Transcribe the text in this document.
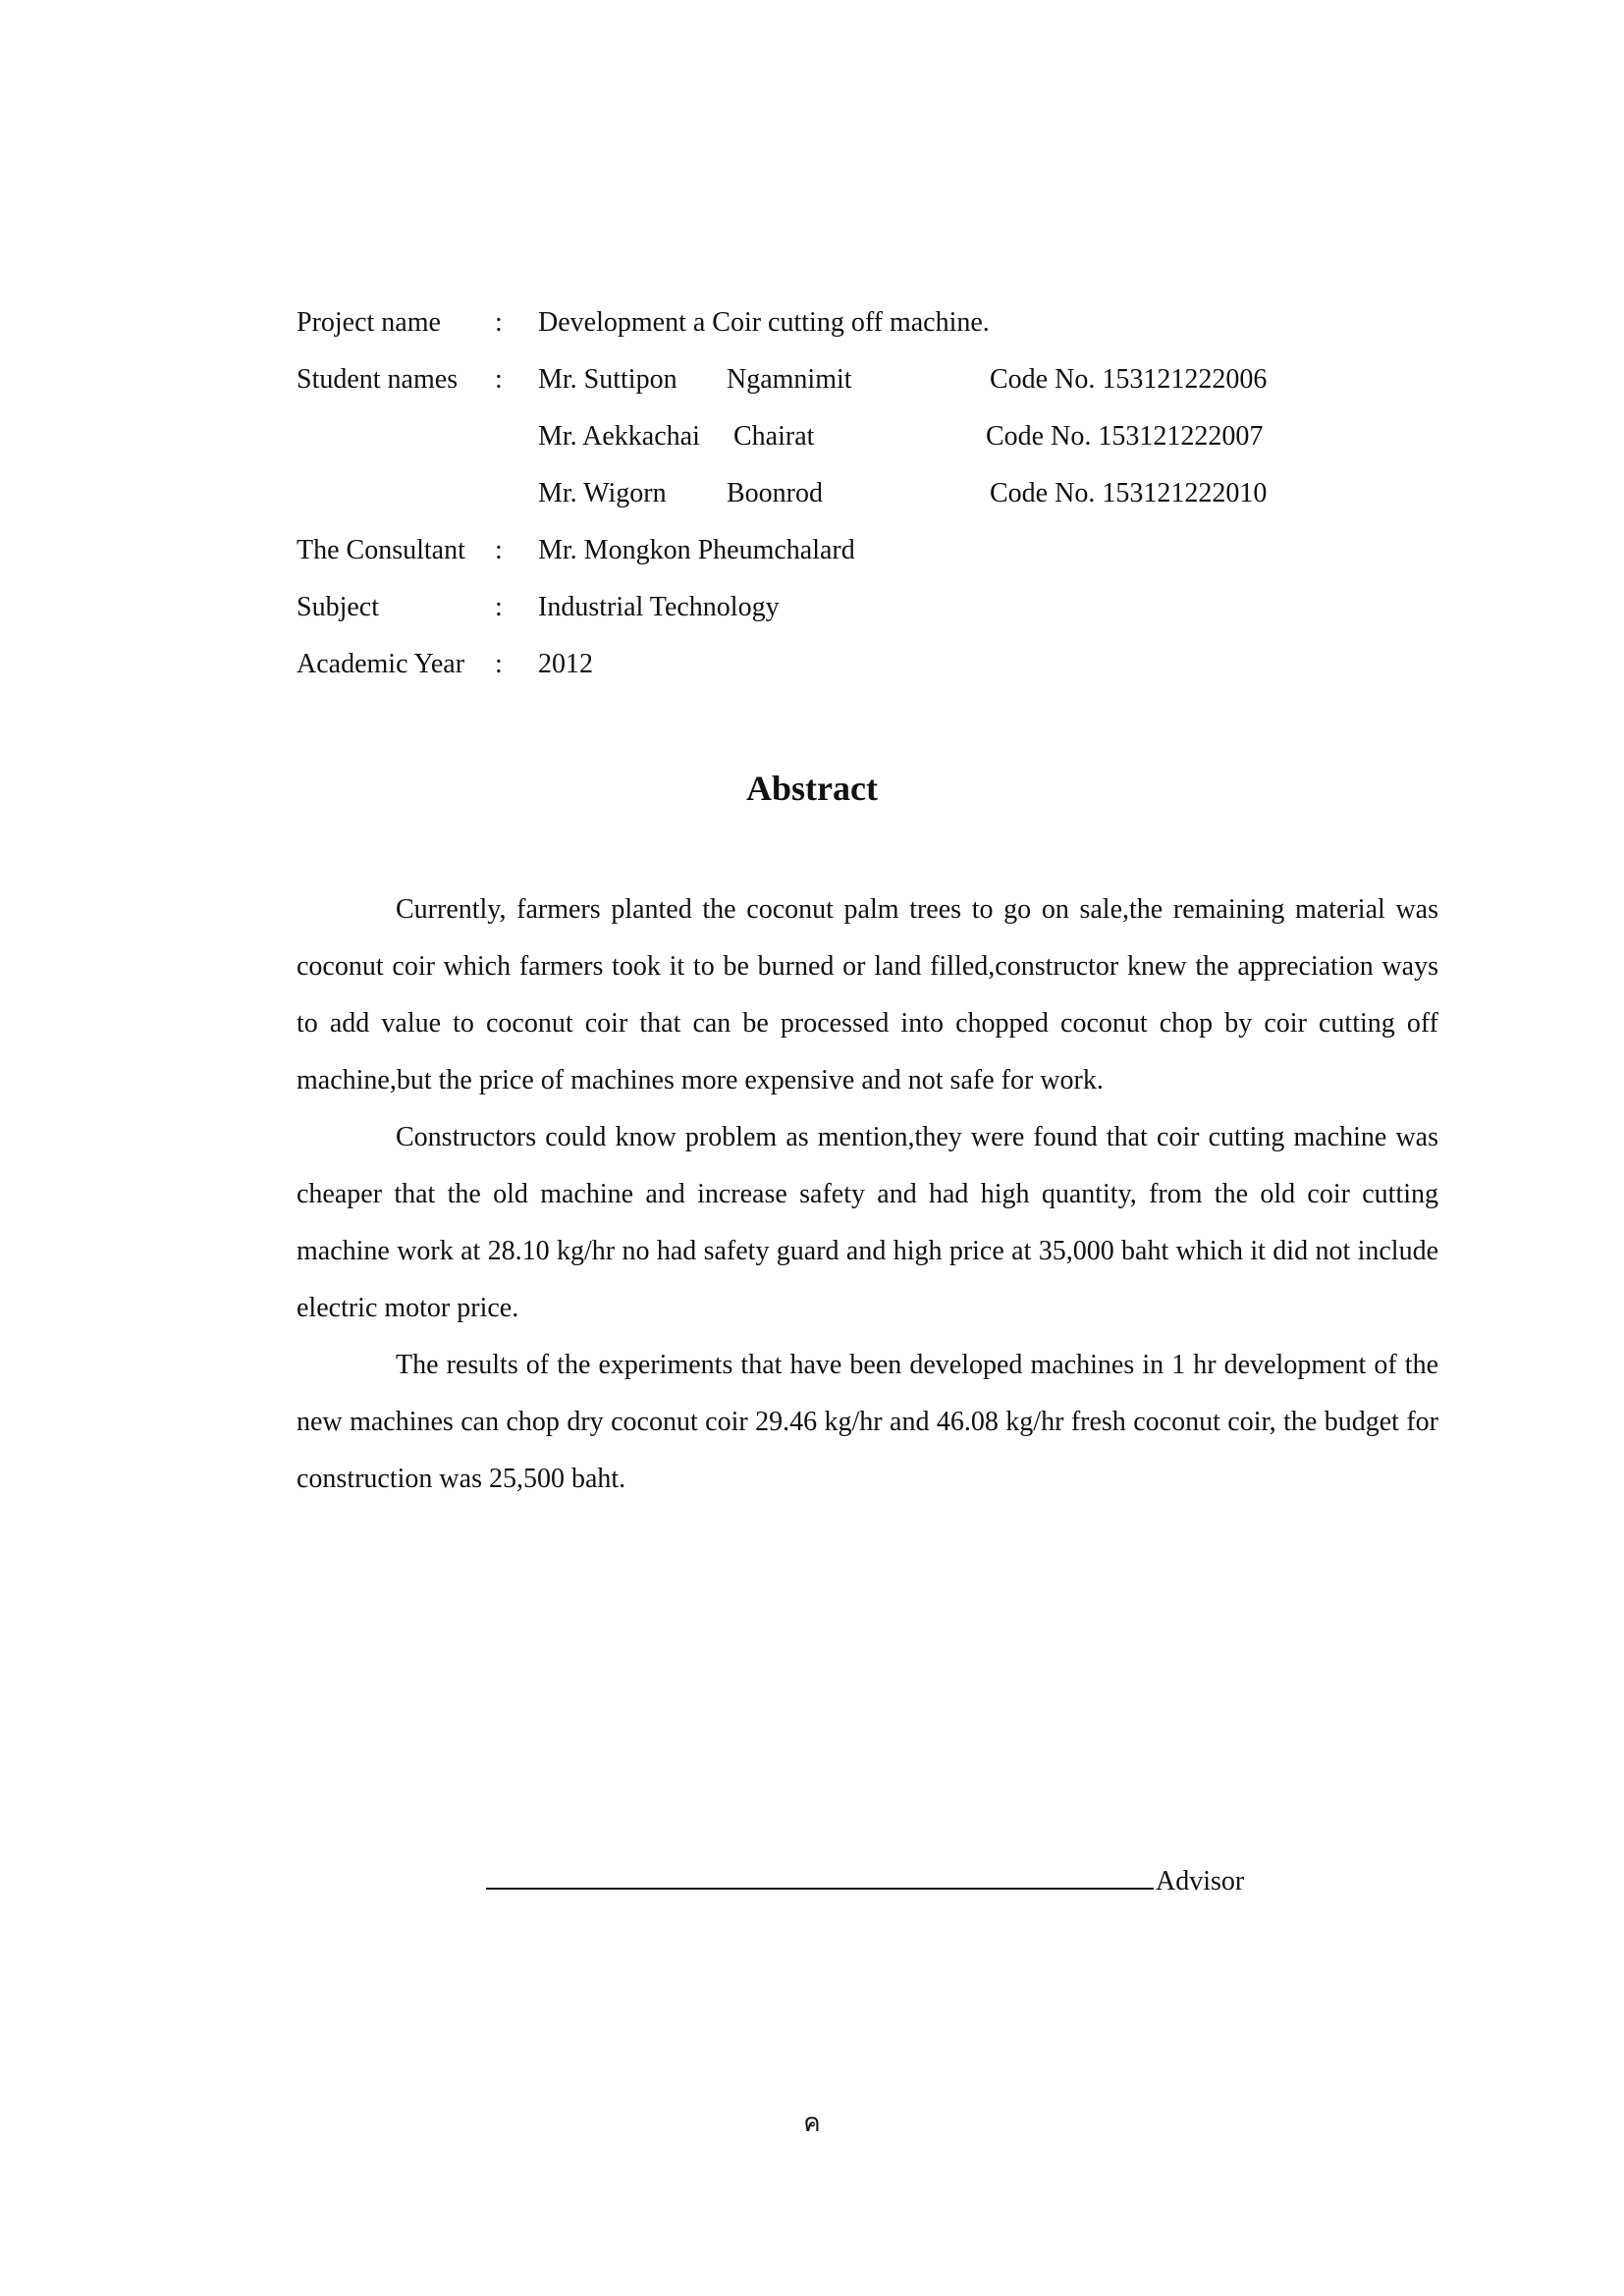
Project name : Development a Coir cutting off machine.
Student names : Mr. Suttipon Ngamnimit	Code No. 153121222006
Mr. Aekkachai Chairat	Code No. 153121222007
Mr. Wigorn Boonrod	Code No. 153121222010
The Consultant : Mr. Mongkon Pheumchalard
Subject	: Industrial Technology
Academic Year : 2012
Abstract

Currently, farmers planted the coconut palm trees to go on sale,the remaining material was coconut coir which farmers took it to be burned or land filled,constructor knew the appreciation ways to add value to coconut coir that can be processed into chopped coconut chop by coir cutting off machine,but the price of machines more expensive and not safe for work.

Constructors could know problem as mention,they were found that coir cutting machine was cheaper that the old machine and increase safety and had high quantity, from the old coir cutting machine work at 28.10 kg/hr no had safety guard and high price at 35,000 baht which it did not include electric motor price.

The results of the experiments that have been developed machines in 1 hr development of the new machines can chop dry coconut coir 29.46 kg/hr and 46.08 kg/hr fresh coconut coir, the budget for construction was 25,500 baht.

Advisor
ค
